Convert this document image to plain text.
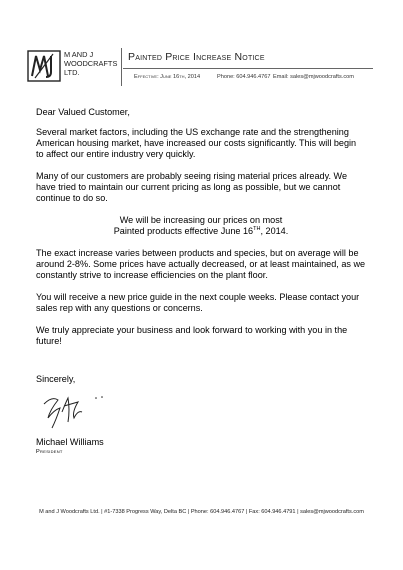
M AND J
WOODCRAFTS
LTD.
Painted Price Increase Notice
Effective: June 16th, 2014	Phone: 604.946.4767 Email: sales@mjwoodcrafts.com

Dear Valued Customer,

Several market factors, including the US exchange rate and the strengthening American housing market, have increased our costs significantly. This will begin to affect our entire industry very quickly.

Many of our customers are probably seeing rising material prices already. We have tried to maintain our current pricing as long as possible, but we cannot continue to do so.

We will be increasing our prices on most
Painted products effective June 16TH, 2014.

The exact increase varies between products and species, but on average will be around 2-8%. Some prices have actually decreased, or at least maintained, as we constantly strive to increase efficiencies on the plant floor.

You will receive a new price guide in the next couple weeks. Please contact your sales rep with any questions or concerns.

We truly appreciate your business and look forward to working with you in the future!

Sincerely,
Michael Williams
President
M and J Woodcrafts Ltd. | #1-7338 Progress Way, Delta BC | Phone: 604.946.4767 | Fax: 604.946.4791 | sales@mjwoodcrafts.com
